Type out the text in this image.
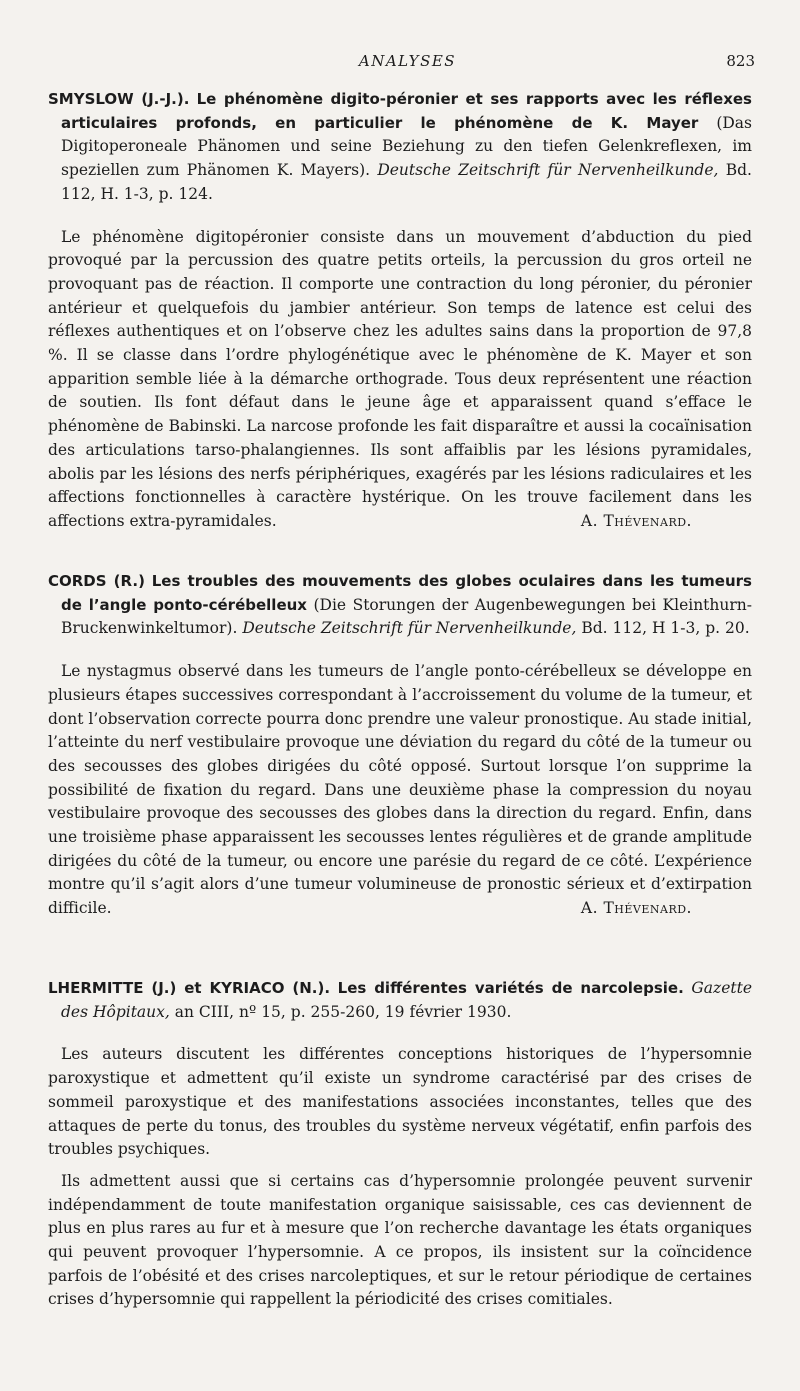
ANALYSES	823

SMYSLOW (J.-J.). Le phénomène digito-péronier et ses rapports avec les réflexes articulaires profonds, en particulier le phénomène de K. Mayer (Das Digitoperoneale Phänomen und seine Beziehung zu den tiefen Gelenkreflexen, im speziellen zum Phänomen K. Mayers). Deutsche Zeitschrift für Nervenheilkunde, Bd. 112, H. 1-3, p. 124.

Le phénomène digitopéronier consiste dans un mouvement d’abduction du pied provoqué par la percussion des quatre petits orteils, la percussion du gros orteil ne provoquant pas de réaction. Il comporte une contraction du long péronier, du péronier antérieur et quelquefois du jambier antérieur. Son temps de latence est celui des réflexes authentiques et on l’observe chez les adultes sains dans la proportion de 97,8 %. Il se classe dans l’ordre phylogénétique avec le phénomène de K. Mayer et son apparition semble liée à la démarche orthograde. Tous deux représentent une réaction de soutien. Ils font défaut dans le jeune âge et apparaissent quand s’efface le phénomène de Babinski. La narcose profonde les fait disparaître et aussi la cocaïnisation des articulations tarso-phalangiennes. Ils sont affaiblis par les lésions pyramidales, abolis par les lésions des nerfs périphériques, exagérés par les lésions radiculaires et les affections fonctionnelles à caractère hystérique. On les trouve facilement dans les affections extra-pyramidales.	A. Thévenard.

CORDS (R.) Les troubles des mouvements des globes oculaires dans les tumeurs de l’angle ponto-cérébelleux (Die Storungen der Augenbewegungen bei Kleinthurn-Bruckenwinkeltumor). Deutsche Zeitschrift für Nervenheilkunde, Bd. 112, H 1-3, p. 20.

Le nystagmus observé dans les tumeurs de l’angle ponto-cérébelleux se développe en plusieurs étapes successives correspondant à l’accroissement du volume de la tumeur, et dont l’observation correcte pourra donc prendre une valeur pronostique. Au stade initial, l’atteinte du nerf vestibulaire provoque une déviation du regard du côté de la tumeur ou des secousses des globes dirigées du côté opposé. Surtout lorsque l’on supprime la possibilité de fixation du regard. Dans une deuxième phase la compression du noyau vestibulaire provoque des secousses des globes dans la direction du regard. Enfin, dans une troisième phase apparaissent les secousses lentes régulières et de grande amplitude dirigées du côté de la tumeur, ou encore une parésie du regard de ce côté. L’expérience montre qu’il s’agit alors d’une tumeur volumineuse de pronostic sérieux et d’extirpation difficile.	A. Thévenard.

LHERMITTE (J.) et KYRIACO (N.). Les différentes variétés de narcolepsie. Gazette des Hôpitaux, an CIII, nº 15, p. 255-260, 19 février 1930.

Les auteurs discutent les différentes conceptions historiques de l’hypersomnie paroxystique et admettent qu’il existe un syndrome caractérisé par des crises de sommeil paroxystique et des manifestations associées inconstantes, telles que des attaques de perte du tonus, des troubles du système nerveux végétatif, enfin parfois des troubles psychiques.

Ils admettent aussi que si certains cas d’hypersomnie prolongée peuvent survenir indépendamment de toute manifestation organique saisissable, ces cas deviennent de plus en plus rares au fur et à mesure que l’on recherche davantage les états organiques qui peuvent provoquer l’hypersomnie. A ce propos, ils insistent sur la coïncidence parfois de l’obésité et des crises narcoleptiques, et sur le retour périodique de certaines crises d’hypersomnie qui rappellent la périodicité des crises comitiales.
